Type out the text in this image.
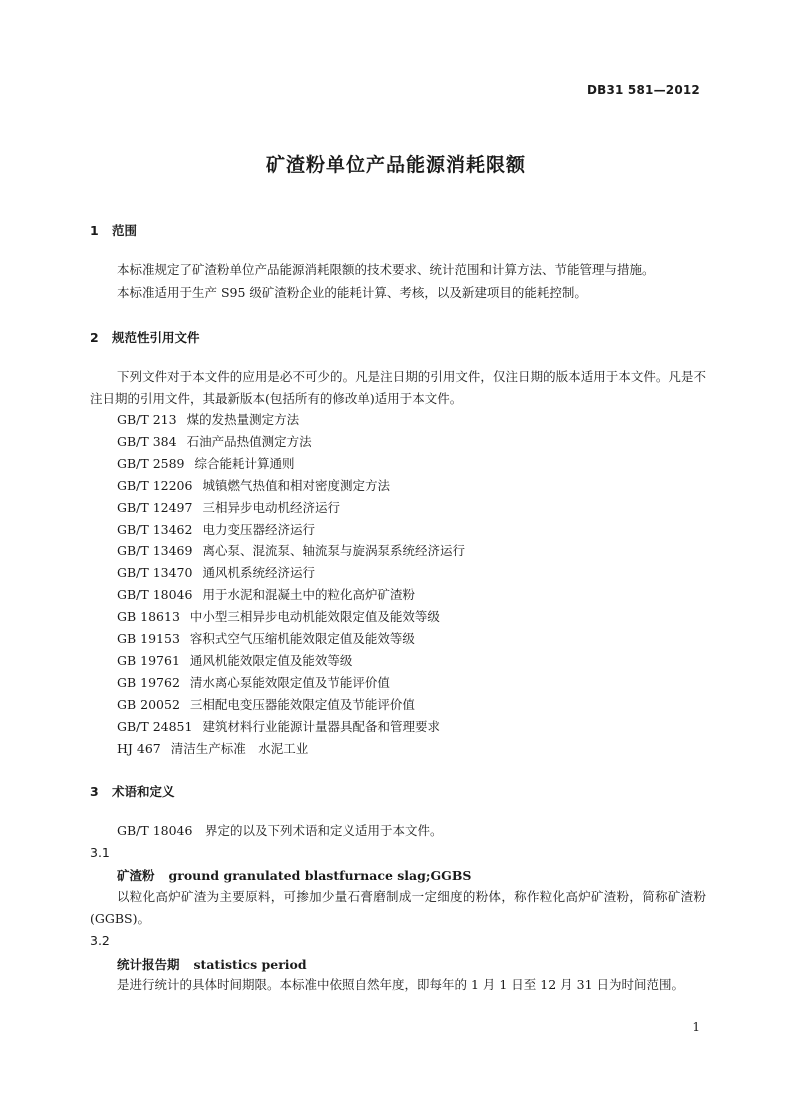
DB31 581—2012
矿渣粉单位产品能源消耗限额
1 范围
本标准规定了矿渣粉单位产品能源消耗限额的技术要求、统计范围和计算方法、节能管理与措施。
本标准适用于生产 S95 级矿渣粉企业的能耗计算、考核，以及新建项目的能耗控制。
2 规范性引用文件
下列文件对于本文件的应用是必不可少的。凡是注日期的引用文件，仅注日期的版本适用于本文件。凡是不注日期的引用文件，其最新版本(包括所有的修改单)适用于本文件。
GB/T 213 煤的发热量测定方法
GB/T 384 石油产品热值测定方法
GB/T 2589 综合能耗计算通则
GB/T 12206 城镇燃气热值和相对密度测定方法
GB/T 12497 三相异步电动机经济运行
GB/T 13462 电力变压器经济运行
GB/T 13469 离心泵、混流泵、轴流泵与旋涡泵系统经济运行
GB/T 13470 通风机系统经济运行
GB/T 18046 用于水泥和混凝土中的粒化高炉矿渣粉
GB 18613 中小型三相异步电动机能效限定值及能效等级
GB 19153 容积式空气压缩机能效限定值及能效等级
GB 19761 通风机能效限定值及能效等级
GB 19762 清水离心泵能效限定值及节能评价值
GB 20052 三相配电变压器能效限定值及节能评价值
GB/T 24851 建筑材料行业能源计量器具配备和管理要求
HJ 467 清洁生产标准　水泥工业
3 术语和定义
GB/T 18046　界定的以及下列术语和定义适用于本文件。
3.1
矿渣粉 ground granulated blastfurnace slag;GGBS
以粒化高炉矿渣为主要原料，可掺加少量石膏磨制成一定细度的粉体，称作粒化高炉矿渣粉，简称矿渣粉(GGBS)。
3.2
统计报告期 statistics period
是进行统计的具体时间期限。本标准中依照自然年度，即每年的 1 月 1 日至 12 月 31 日为时间范围。
1
